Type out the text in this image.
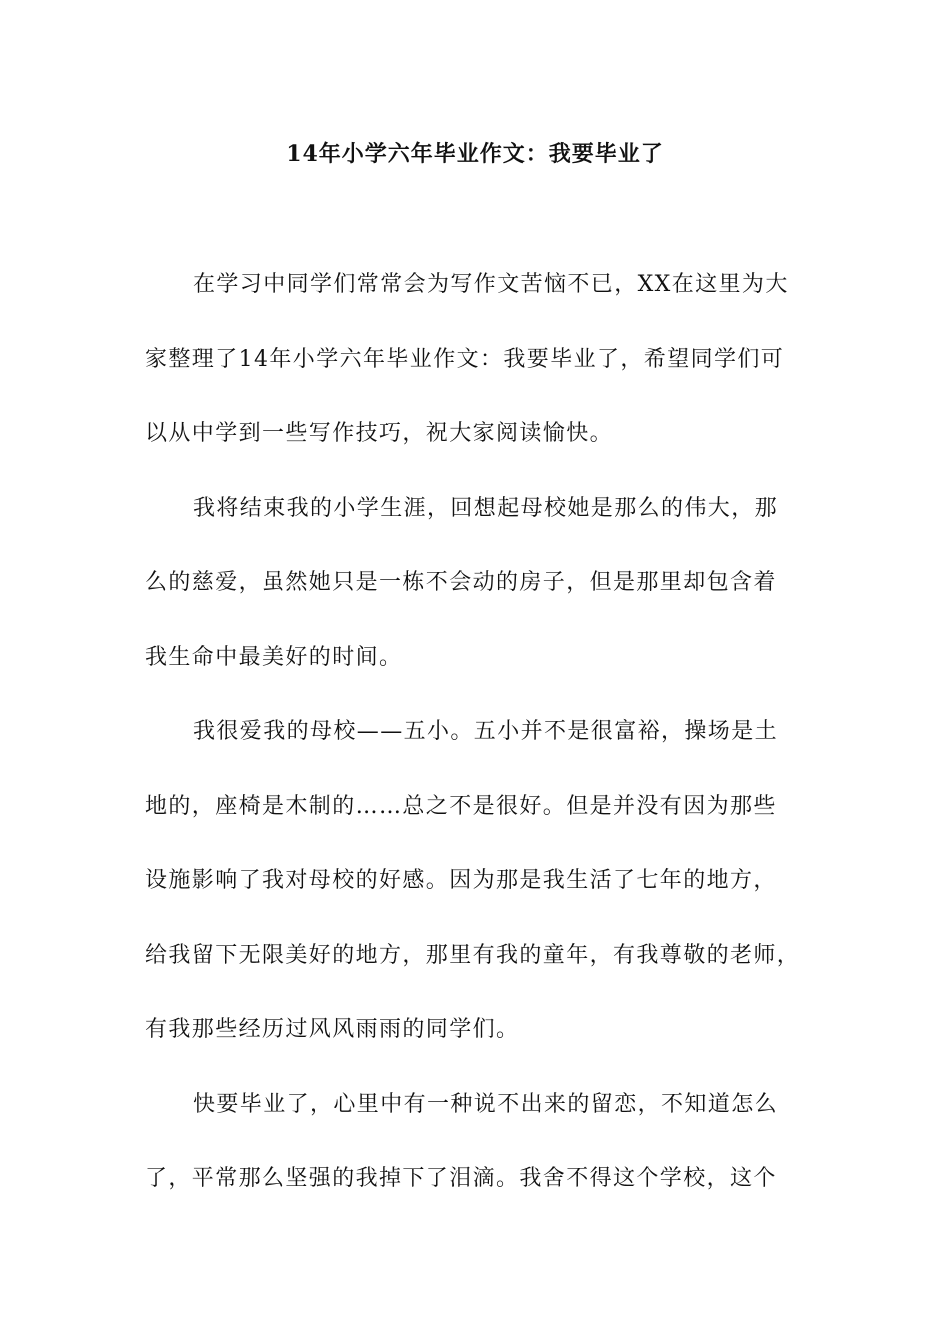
14年小学六年毕业作文：我要毕业了
在学习中同学们常常会为写作文苦恼不已，XX在这里为大
家整理了14年小学六年毕业作文：我要毕业了，希望同学们可
以从中学到一些写作技巧，祝大家阅读愉快。
我将结束我的小学生涯，回想起母校她是那么的伟大，那
么的慈爱，虽然她只是一栋不会动的房子，但是那里却包含着
我生命中最美好的时间。
我很爱我的母校——五小。五小并不是很富裕，操场是土
地的，座椅是木制的……总之不是很好。但是并没有因为那些
设施影响了我对母校的好感。因为那是我生活了七年的地方，
给我留下无限美好的地方，那里有我的童年，有我尊敬的老师，
有我那些经历过风风雨雨的同学们。
快要毕业了，心里中有一种说不出来的留恋，不知道怎么
了，平常那么坚强的我掉下了泪滴。我舍不得这个学校，这个
